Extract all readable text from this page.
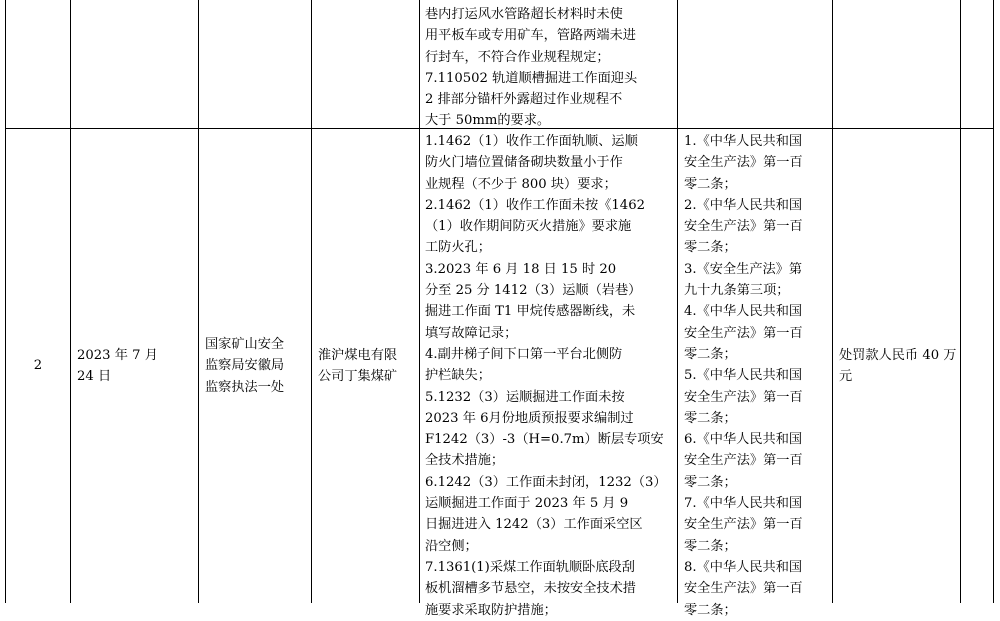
巷内打运风水管路超长材料时未使
用平板车或专用矿车，管路两端未进
行封车，不符合作业规程规定；
7.110502 轨道顺槽掘进工作面迎头
2 排部分锚杆外露超过作业规程不
大于 50mm的要求。
2
2023 年 7 月
24 日
国家矿山安全
监察局安徽局
监察执法一处
淮沪煤电有限
公司丁集煤矿
1.1462（1）收作工作面轨顺、运顺
防火门墙位置储备砌块数量小于作
业规程（不少于 800 块）要求；
2.1462（1）收作工作面未按《1462
（1）收作期间防灭火措施》要求施
工防火孔；
3.2023 年 6 月 18 日 15 时 20
分至 25 分 1412（3）运顺（岩巷）
掘进工作面 T1 甲烷传感器断线，未
填写故障记录；
4.副井梯子间下口第一平台北侧防
护栏缺失；
5.1232（3）运顺掘进工作面未按
2023 年 6月份地质预报要求编制过
F1242（3）-3（H=0.7m）断层专项安
全技术措施；
6.1242（3）工作面未封闭，1232（3）
运顺掘进工作面于 2023 年 5 月 9
日掘进进入 1242（3）工作面采空区
沿空侧；
7.1361(1)采煤工作面轨顺卧底段刮
板机溜槽多节悬空，未按安全技术措
施要求采取防护措施；
1.《中华人民共和国
安全生产法》第一百
零二条；
2.《中华人民共和国
安全生产法》第一百
零二条；
3.《安全生产法》第
九十九条第三项；
4.《中华人民共和国
安全生产法》第一百
零二条；
5.《中华人民共和国
安全生产法》第一百
零二条；
6.《中华人民共和国
安全生产法》第一百
零二条；
7.《中华人民共和国
安全生产法》第一百
零二条；
8.《中华人民共和国
安全生产法》第一百
零二条；
处罚款人民币 40 万
元
